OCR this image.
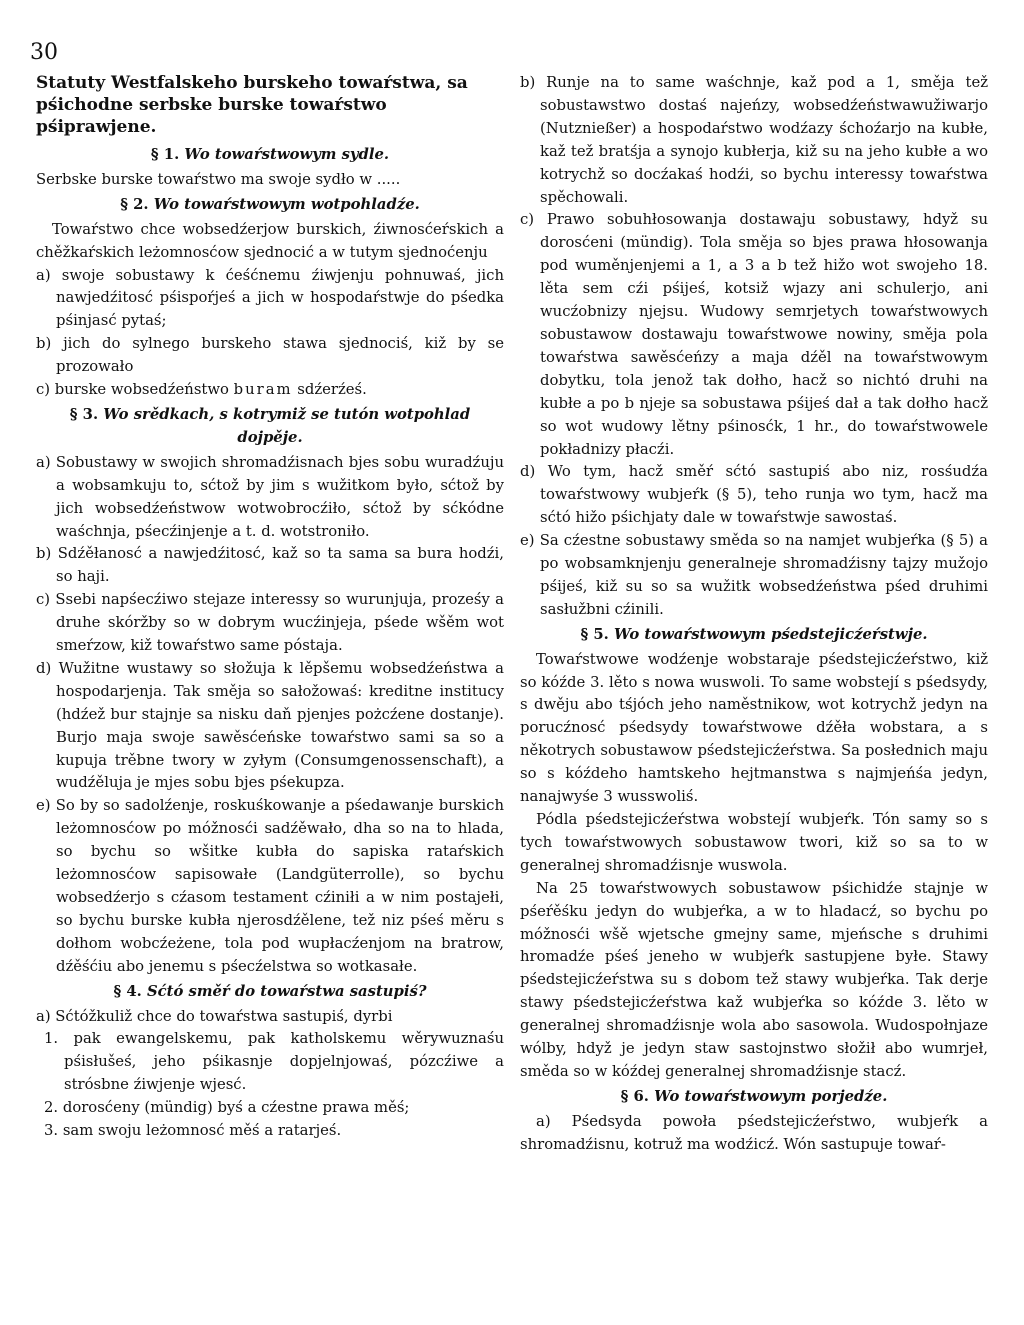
30

Statuty Westfalskeho burskeho towaŕstwa, sa pśichodne serbske burske towaŕstwo pśiprawjene.

§ 1. Wo towaŕstwowym sydle.

Serbske burske towaŕstwo ma swoje sydło w .....

§ 2. Wo towaŕstwowym wotpohladźe.

Towaŕstwo chce wobsedźerjow burskich, źiwnosćeŕskich a chěžkaŕskich leżomnosćow sjednocić a w tutym sjednoćenju

a) swoje sobustawy k ćeśćnemu źiwjenju pohnuwaś, jich nawjedźitosć pśispoŕjeś a jich w hospodaŕstwje do pśedka pśinjasć pytaś;

b) jich do sylnego burskeho stawa sjednociś, kiž by se prozowało

c) burske wobsedźeństwo buram sdźerźeś.

§ 3. Wo srědkach, s kotrymiž se tutón wotpohlad dojpěje.

a) Sobustawy w swojich shromadźisnach bjes sobu wuradźuju a wobsamkuju to, sćtož by jim s wužitkom było, sćtož by jich wobsedźeństwow wotwobrocźiło, sćtož by sćkódne waśchnja, pśecźinjenje a t. d. wotstroniło.

b) Sdźěłanosć a nawjedźitosć, kaž so ta sama sa bura hodźi, so haji.

c) Ssebi napśecźiwo stejaze interessy so wurunjuja, proześy a druhe skóržby so w dobrym wucźinjeja, pśede wšěm wot smeŕzow, kiž towaŕstwo same póstaja.

d) Wužitne wustawy so słožuja k lěpšemu wobsedźeństwa a hospodarjenja. Tak směja so sałožowaś: kreditne institucy (hdźež bur stajnje sa nisku daň pjenjes pożcźene dostanje). Burjo maja swoje sawěsćeńske towaŕstwo sami sa so a kupuja trěbne twory w zyłym (Consumgenossenschaft), a wudźěluja je mjes sobu bjes pśekupza.

e) So by so sadolźenje, roskuśkowanje a pśedawanje burskich leżomnosćow po móžnosći sadźěwało, dha so na to hlada, so bychu so wšitke kubła do sapiska rataŕskich leżomnosćow sapisowałe (Landgüterrolle), so bychu wobsedźerjo s cźasom testament cźiniłi a w nim postajełi, so bychu burske kubła njerosdźělene, tež niz pśeś měru s dołhom wobcźeżene, tola pod wupłacźenjom na bratrow, dźěśćiu abo jenemu s pśecźelstwa so wotkasałe.

§ 4. Sćtó směŕ do towaŕstwa sastupiś?

a) Sćtóžkuliž chce do towaŕstwa sastupiś, dyrbi

1. pak ewangelskemu, pak katholskemu wěrywuznaśu pśisłušeś, jeho pśikasnje dopjelnjowaś, pózcźiwe a strósbne źiwjenje wjesć.

2. dorosćeny (mündig) byś a cźestne prawa měś;

3. sam swoju leżomnosć měś a ratarjeś.

b) Runje na to same waśchnje, kaž pod a 1, směja tež sobustawstwo dostaś najeńzy, wobsedźeństwawužiwarjo (Nutznießer) a hospodaŕstwo wodźazy śchoźarjo na kubłe, kaž tež bratśja a synojo kubłerja, kiž su na jeho kubłe a wo kotrychž so docźakaś hodźi, so bychu interessy towaŕstwa spěchowali.

c) Prawo sobuhłosowanja dostawaju sobustawy, hdyž su dorosćeni (mündig). Tola směja so bjes prawa hłosowanja pod wuměnjenjemi a 1, a 3 a b tež hižo wot swojeho 18. lěta sem cźi pśijeś, kotsiž wjazy ani schulerjo, ani wucźobnizy njejsu. Wudowy semrjetych towaŕstwowych sobustawow dostawaju towaŕstwowe nowiny, směja pola towaŕstwa sawěsćeńzy a maja dźěl na towaŕstwowym dobytku, tola jenož tak dołho, hacž so nichtó druhi na kubłe a po b njeje sa sobustawa pśijeś dał a tak dołho hacž so wot wudowy lětny pśinosćk, 1 hr., do towaŕstwowele pokładnizy płacźi.

d) Wo tym, hacž směŕ sćtó sastupiś abo niz, rosśudźa towaŕstwowy wubjeŕk (§ 5), teho runja wo tym, hacž ma sćtó hižo pśichjaty dale w towaŕstwje sawostaś.

e) Sa cźestne sobustawy směda so na namjet wubjeŕka (§ 5) a po wobsamknjenju generalneje shromadźisny tajzy mužojo pśijeś, kiž su so sa wužitk wobsedźeństwa pśed druhimi sasłužbni cźinili.

§ 5. Wo towaŕstwowym pśedstejicźeŕstwje.

Towaŕstwowe wodźenje wobstaraje pśedstejicźeŕstwo, kiž so kóźde 3. lěto s nowa wuswoli. To same wobstejí s pśedsydy, s dwěju abo tśjóch jeho naměstnikow, wot kotrychž jedyn na porucźnosć pśedsydy towaŕstwowe dźěła wobstara, a s někotrych sobustawow pśedstejicźeŕstwa. Sa posłednich maju so s kóźdeho hamtskeho hejtmanstwa s najmjeńśa jedyn, nanajwyśe 3 wusswoliś.

Pódla pśedstejicźeŕstwa wobstejí wubjeŕk. Tón samy so s tych towaŕstwowych sobustawow twori, kiž so sa to w generalnej shromadźisnje wuswola.

Na 25 towaŕstwowych sobustawow pśichidźe stajnje w pśeŕěśku jedyn do wubjeŕka, a w to hladacź, so bychu po móžnosći wšě wjetsche gmejny same, mjeńsche s druhimi hromadźe pśeś jeneho w wubjeŕk sastupjene byłe. Stawy pśedstejicźeŕstwa su s dobom tež stawy wubjeŕka. Tak derje stawy pśedstejicźeŕstwa kaž wubjeŕka so kóźde 3. lěto w generalnej shromadźisnje wola abo sasowola. Wudospołnjaze wólby, hdyž je jedyn staw sastojnstwo słožił abo wumrjeł, směda so w kóźdej generalnej shromadźisnje stacź.

§ 6. Wo towaŕstwowym porjedźe.

a) Pśedsyda powoła pśedstejicźeŕstwo, wubjeŕk a shromadźisnu, kotruž ma wodźicź. Wón sastupuje towaŕ-
